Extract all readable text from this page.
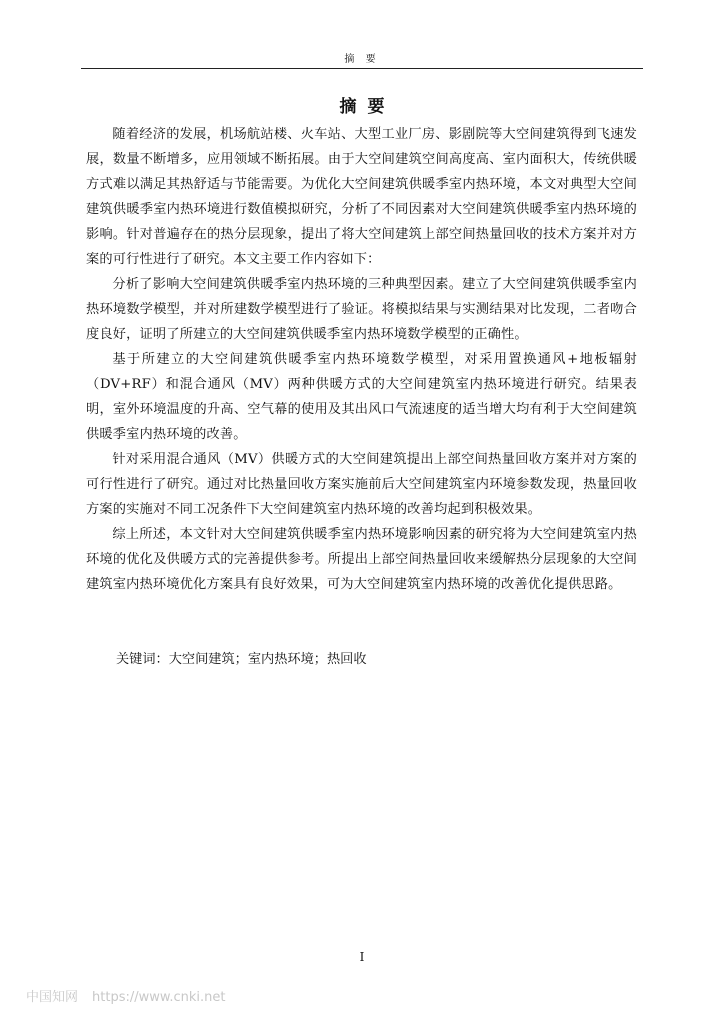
摘 要
摘要

随着经济的发展，机场航站楼、火车站、大型工业厂房、影剧院等大空间建筑得到飞速发展，数量不断增多，应用领域不断拓展。由于大空间建筑空间高度高、室内面积大，传统供暖方式难以满足其热舒适与节能需要。为优化大空间建筑供暖季室内热环境，本文对典型大空间建筑供暖季室内热环境进行数值模拟研究，分析了不同因素对大空间建筑供暖季室内热环境的影响。针对普遍存在的热分层现象，提出了将大空间建筑上部空间热量回收的技术方案并对方案的可行性进行了研究。本文主要工作内容如下：

分析了影响大空间建筑供暖季室内热环境的三种典型因素。建立了大空间建筑供暖季室内热环境数学模型，并对所建数学模型进行了验证。将模拟结果与实测结果对比发现，二者吻合度良好，证明了所建立的大空间建筑供暖季室内热环境数学模型的正确性。

基于所建立的大空间建筑供暖季室内热环境数学模型，对采用置换通风+地板辐射（DV+RF）和混合通风（MV）两种供暖方式的大空间建筑室内热环境进行研究。结果表明，室外环境温度的升高、空气幕的使用及其出风口气流速度的适当增大均有利于大空间建筑供暖季室内热环境的改善。

针对采用混合通风（MV）供暖方式的大空间建筑提出上部空间热量回收方案并对方案的可行性进行了研究。通过对比热量回收方案实施前后大空间建筑室内环境参数发现，热量回收方案的实施对不同工况条件下大空间建筑室内热环境的改善均起到积极效果。

综上所述，本文针对大空间建筑供暖季室内热环境影响因素的研究将为大空间建筑室内热环境的优化及供暖方式的完善提供参考。所提出上部空间热量回收来缓解热分层现象的大空间建筑室内热环境优化方案具有良好效果，可为大空间建筑室内热环境的改善优化提供思路。

关键词：大空间建筑；室内热环境；热回收
I
中国知网 https://www.cnki.net
